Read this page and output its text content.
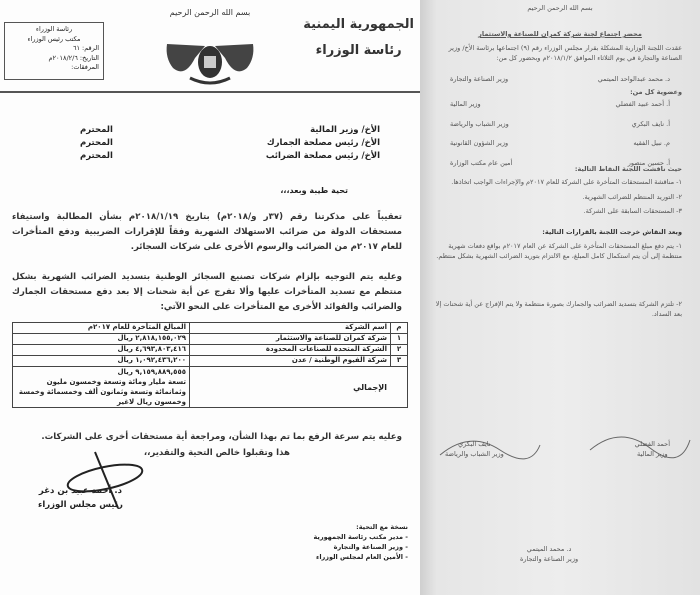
الجمهورية اليمنية
رئاسة الوزراء
بسم الله الرحمن الرحيم
رئاسة الوزراء
مكتب رئيس الوزراء
الرقم: ٦١
التاريخ: ٢٠١٨/٢/٦م
المرفقات:
الأخ/ وزير المالية
المحترم
الأخ/ رئيس مصلحة الجمارك
المحترم
الأخ/ رئيس مصلحة الضرائب
المحترم
تحية طيبة وبعد،،،
تعقيباً على مذكرتنا رقم (٣٧ر و/٢٠١٨م) بتاريخ ٢٠١٨/١/١٩م بشأن المطالبة واستيفاء مستحقات الدولة من ضرائب الاستهلاك الشهرية وفقاً للإقرارات الضريبية ودفع المتأخرات للعام ٢٠١٧م من الضرائب والرسوم الأخرى على شركات السجائر.
وعليه يتم التوجيه بإلزام شركات تصنيع السجائر الوطنية بتسديد الضرائب الشهرية بشكل منتظم مع تسديد المتأخرات عليها وألا تفرج عن أية شحنات إلا بعد دفع مستحقات الجمارك والضرائب والفوائد الأخرى مع المتأخرات على النحو الآتي:
م	اسم الشركة	المبالغ المتأخرة للعام ٢٠١٧م
١	شركة كمران للصناعة والاستثمار	٢,٨١٨,١٥٥,٠٢٩ ريال
٢	الشركة المتحدة للصناعات المحدودة	٤,٦٩٣,٨٠٣,٤١٦ ريال
٣	شركة الفيوم الوطنية / عدن	١,٠٩٢,٤٣٦,٢٠٠ ريال
الإجمالي		٩,١٥٩,٨٨٩,٥٥٥ ريال
تسعة مليار ومائة وتسعة وخمسون مليون وثمانمائة وتسعة وثمانون ألف وخمسمائة وخمسة وخمسون ريال لاغير
وعليه يتم سرعة الرفع بما تم بهذا الشأن، ومراجعة أية مستحقات أخرى على الشركات.
هذا وتقبلوا خالص التحية والتقدير،،
د. أحمد عبيد بن دغر
رئيس مجلس الوزراء
نسخة مع التحية:
- مدير مكتب رئاسة الجمهورية
- وزير الصناعة والتجارة
- الأمين العام لمجلس الوزراء
بسم الله الرحمن الرحيم
محضر اجتماع لجنة شركة كمران للصناعة والاستثمار
عقدت اللجنة الوزارية المشكلة بقرار مجلس الوزراء رقم (٩) اجتماعها برئاسة الأخ/ وزير الصناعة والتجارة في يوم الثلاثاء الموافق ٢٠١٨/١/٢م وبحضور كل من:
د. محمد عبدالواحد الميتمي
وزير الصناعة والتجارة
وعضوية كل من:
أ. أحمد عبيد الفضلي
وزير المالية
أ. نايف البكري
وزير الشباب والرياضة
م. نبيل الفقيه
وزير الشؤون القانونية
أ. حسين منصور
أمين عام مكتب الوزارة
حيث ناقشت اللجنة النقاط التالية:
١- مناقشة المستحقات المتأخرة على الشركة للعام ٢٠١٧م والإجراءات الواجب اتخاذها.
٢- التوريد المنتظم للضرائب الشهرية.
٣- المستحقات السابقة على الشركة.
وبعد النقاش خرجت اللجنة بالقرارات التالية:
١- يتم دفع مبلغ المستحقات المتأخرة على الشركة عن العام ٢٠١٧م بواقع دفعات شهرية منتظمة إلى أن يتم استكمال كامل المبلغ، مع الالتزام بتوريد الضرائب الشهرية بشكل منتظم.
٢- تلتزم الشركة بتسديد الضرائب والجمارك بصورة منتظمة ولا يتم الإفراج عن أية شحنات إلا بعد السداد.
أحمد الفضلي
وزير المالية
نايف البكري
وزير الشباب والرياضة
د. محمد الميتمي
وزير الصناعة والتجارة
